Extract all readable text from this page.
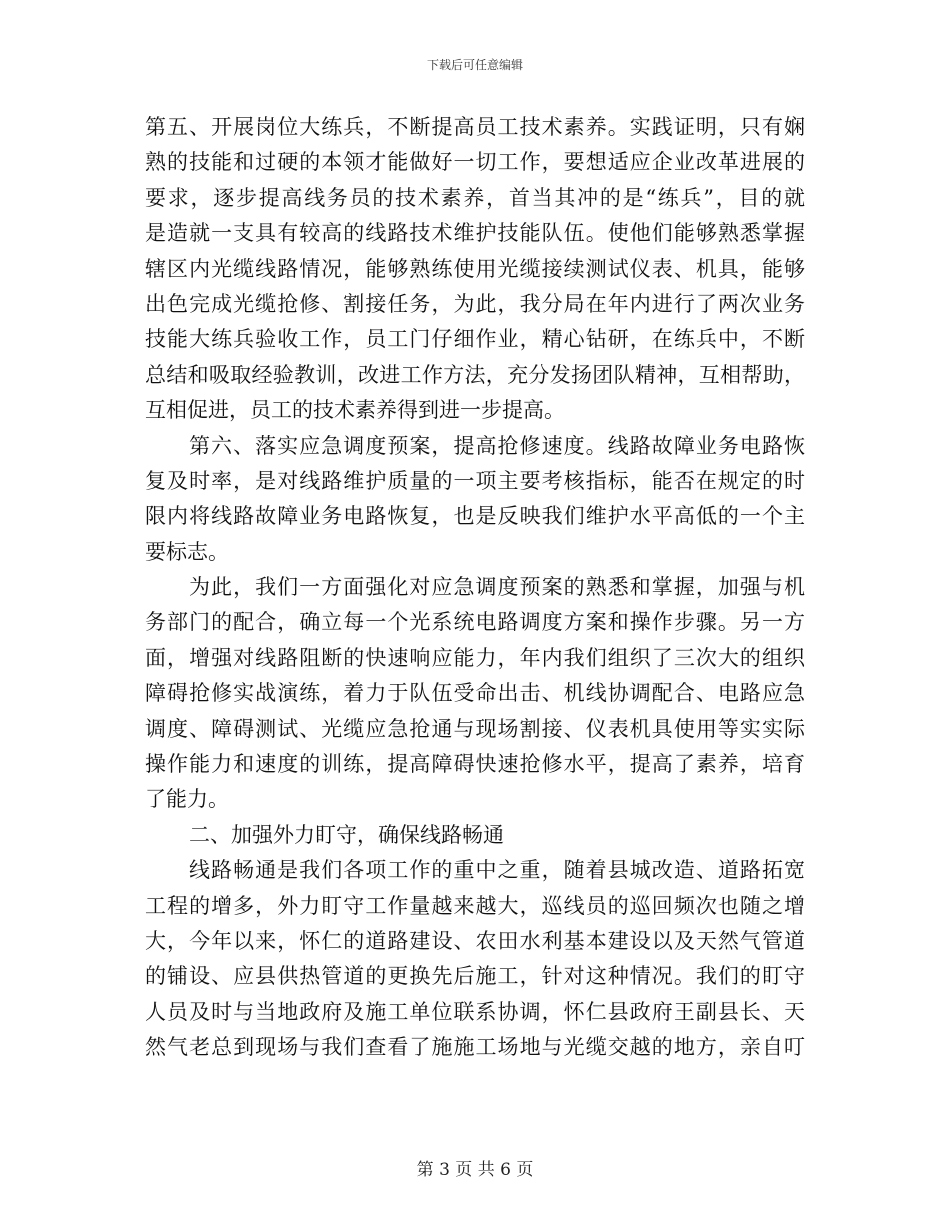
下载后可任意编辑
第五、开展岗位大练兵，不断提高员工技术素养。实践证明，只有娴
熟的技能和过硬的本领才能做好一切工作，要想适应企业改革进展的
要求，逐步提高线务员的技术素养，首当其冲的是“练兵”，目的就
是造就一支具有较高的线路技术维护技能队伍。使他们能够熟悉掌握
辖区内光缆线路情况，能够熟练使用光缆接续测试仪表、机具，能够
出色完成光缆抢修、割接任务，为此，我分局在年内进行了两次业务
技能大练兵验收工作，员工门仔细作业，精心钻研，在练兵中，不断
总结和吸取经验教训，改进工作方法，充分发扬团队精神，互相帮助，
互相促进，员工的技术素养得到进一步提高。
第六、落实应急调度预案，提高抢修速度。线路故障业务电路恢
复及时率，是对线路维护质量的一项主要考核指标，能否在规定的时
限内将线路故障业务电路恢复，也是反映我们维护水平高低的一个主
要标志。
为此，我们一方面强化对应急调度预案的熟悉和掌握，加强与机
务部门的配合，确立每一个光系统电路调度方案和操作步骤。另一方
面，增强对线路阻断的快速响应能力，年内我们组织了三次大的组织
障碍抢修实战演练，着力于队伍受命出击、机线协调配合、电路应急
调度、障碍测试、光缆应急抢通与现场割接、仪表机具使用等实实际
操作能力和速度的训练，提高障碍快速抢修水平，提高了素养，培育
了能力。
二、加强外力盯守，确保线路畅通
线路畅通是我们各项工作的重中之重，随着县城改造、道路拓宽
工程的增多，外力盯守工作量越来越大，巡线员的巡回频次也随之增
大，今年以来，怀仁的道路建设、农田水利基本建设以及天然气管道
的铺设、应县供热管道的更换先后施工，针对这种情况。我们的盯守
人员及时与当地政府及施工单位联系协调，怀仁县政府王副县长、天
然气老总到现场与我们查看了施施工场地与光缆交越的地方，亲自叮
第 3 页 共 6 页
